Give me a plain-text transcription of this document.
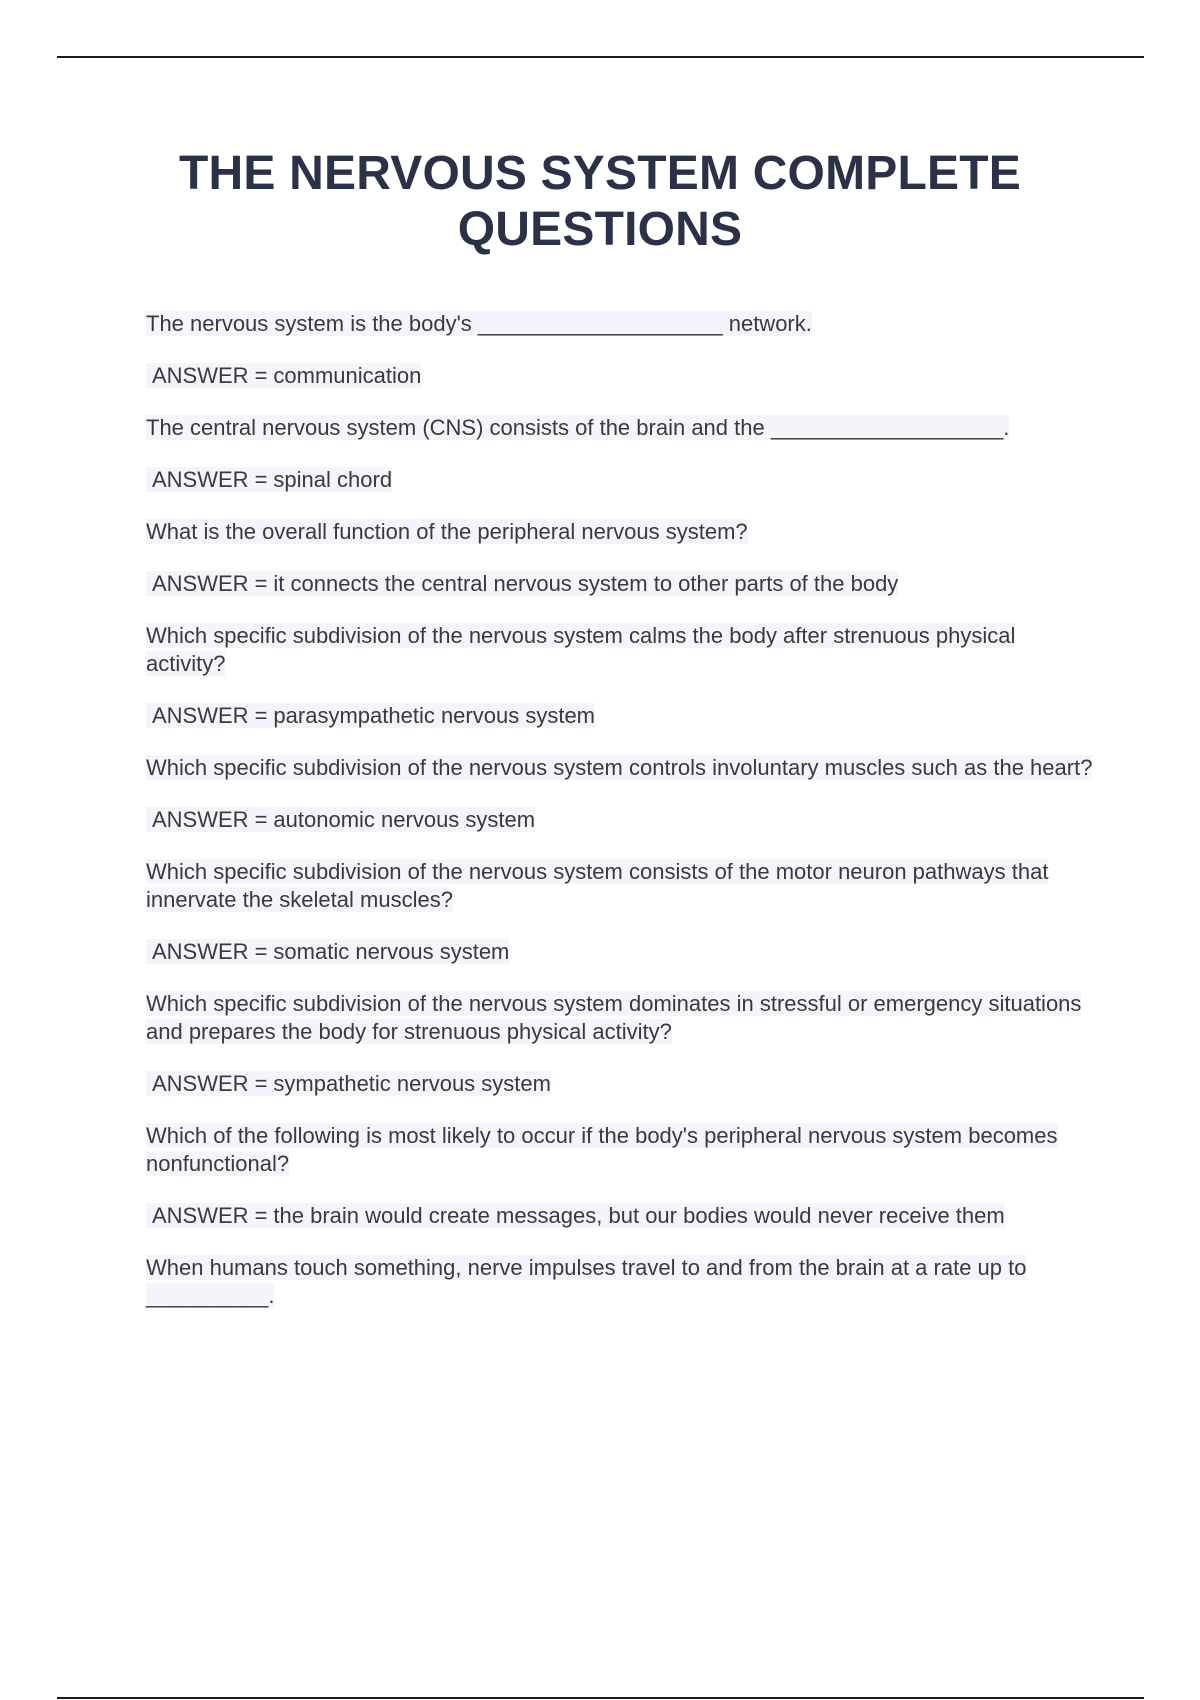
THE NERVOUS SYSTEM COMPLETE QUESTIONS

The nervous system is the body's ____________________ network.

ANSWER = communication

The central nervous system (CNS) consists of the brain and the ___________________.

ANSWER = spinal chord

What is the overall function of the peripheral nervous system?

ANSWER = it connects the central nervous system to other parts of the body

Which specific subdivision of the nervous system calms the body after strenuous physical activity?

ANSWER = parasympathetic nervous system

Which specific subdivision of the nervous system controls involuntary muscles such as the heart?

ANSWER = autonomic nervous system

Which specific subdivision of the nervous system consists of the motor neuron pathways that innervate the skeletal muscles?

ANSWER = somatic nervous system

Which specific subdivision of the nervous system dominates in stressful or emergency situations and prepares the body for strenuous physical activity?

ANSWER = sympathetic nervous system

Which of the following is most likely to occur if the body's peripheral nervous system becomes nonfunctional?

ANSWER = the brain would create messages, but our bodies would never receive them

When humans touch something, nerve impulses travel to and from the brain at a rate up to __________.
